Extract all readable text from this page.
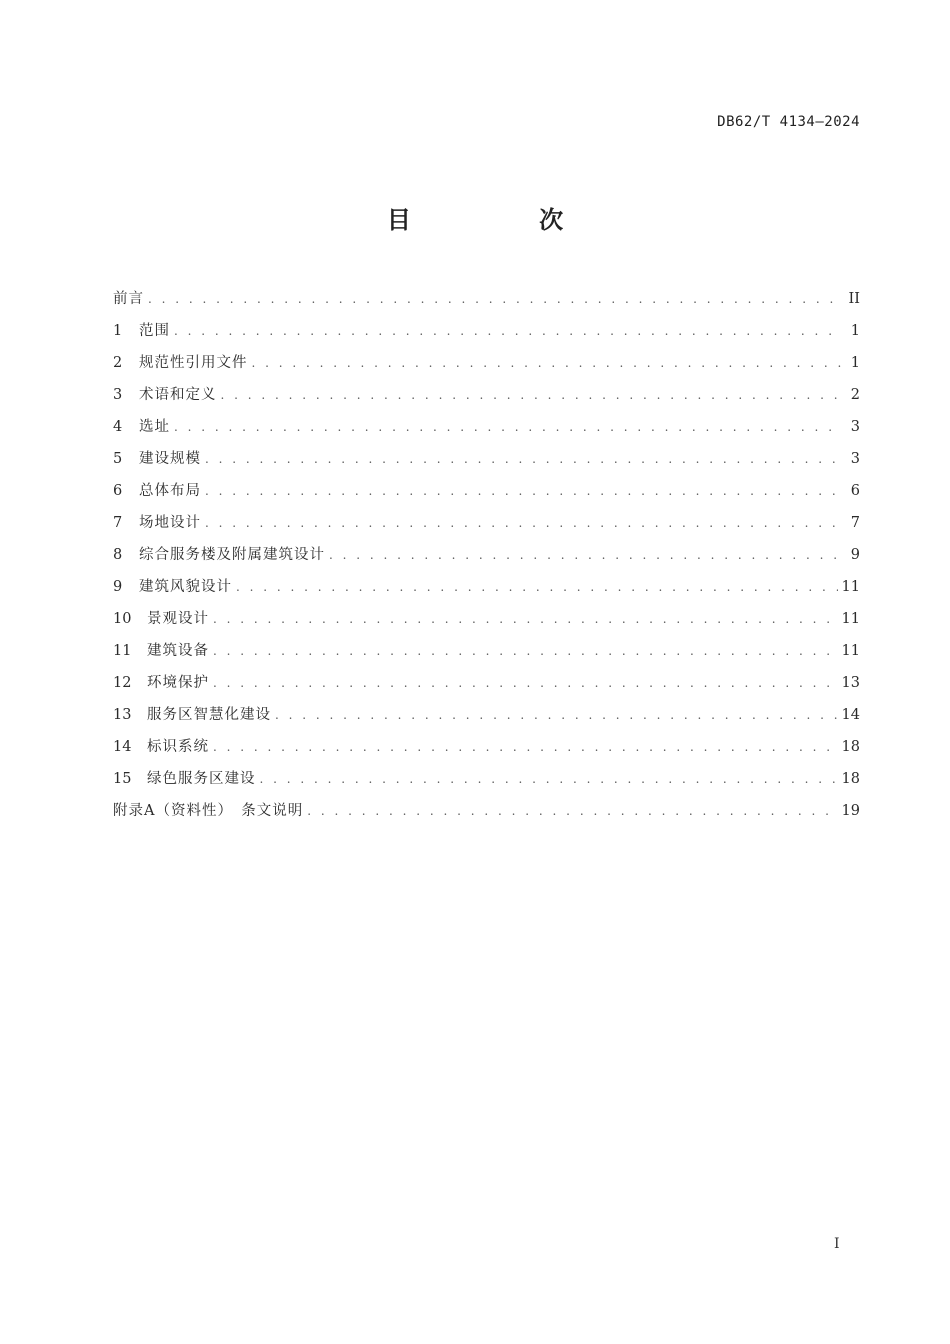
DB62/T 4134—2024
目 次
前言 . . .	II
1	范围 . . .	1
2	规范性引用文件 . . .	1
3	术语和定义 . . .	2
4	选址 . . .	3
5	建设规模 . . .	3
6	总体布局 . . .	6
7	场地设计 . . .	7
8	综合服务楼及附属建筑设计 . . .	9
9	建筑风貌设计 . . .	11
10	景观设计 . . .	11
11	建筑设备 . . .	11
12	环境保护 . . .	13
13	服务区智慧化建设 . . .	14
14	标识系统 . . .	18
15	绿色服务区建设 . . .	18
附录A（资料性）　条文说明 . . .	19
I
